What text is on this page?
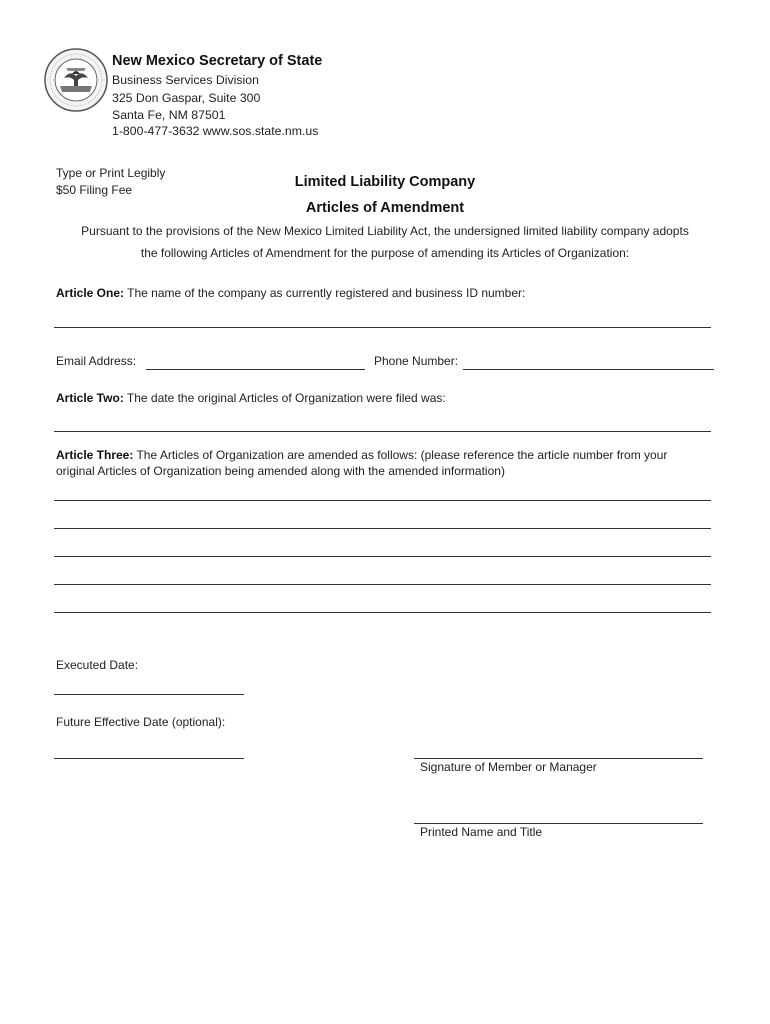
New Mexico Secretary of State
Business Services Division
325 Don Gaspar, Suite 300
Santa Fe, NM 87501
1-800-477-3632 www.sos.state.nm.us
Type or Print Legibly
$50 Filing Fee	Limited Liability Company
Articles of Amendment
Pursuant to the provisions of the New Mexico Limited Liability Act, the undersigned limited liability company adopts
the following Articles of Amendment for the purpose of amending its Articles of Organization:
Article One: The name of the company as currently registered and business ID number:
Email Address:	Phone Number:
Article Two: The date the original Articles of Organization were filed was:
Article Three: The Articles of Organization are amended as follows: (please reference the article number from your original Articles of Organization being amended along with the amended information)
Executed Date:
Future Effective Date (optional):
Signature of Member or Manager
Printed Name and Title
